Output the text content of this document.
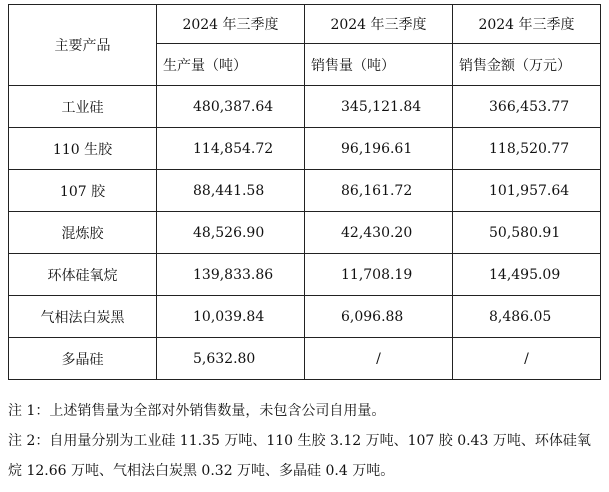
主要产品	2024 年三季度	2024 年三季度	2024 年三季度
	生产量（吨）	销售量（吨）	销售金额（万元）
工业硅	480,387.64	345,121.84	366,453.77
110 生胶	114,854.72	96,196.61	118,520.77
107 胶	88,441.58	86,161.72	101,957.64
混炼胶	48,526.90	42,430.20	50,580.91
环体硅氧烷	139,833.86	11,708.19	14,495.09
气相法白炭黑	10,039.84	6,096.88	8,486.05
多晶硅	5,632.80	/	/

注 1：上述销售量为全部对外销售数量，未包含公司自用量。

注 2：自用量分别为工业硅 11.35 万吨、110 生胶 3.12 万吨、107 胶 0.43 万吨、环体硅氧烷 12.66 万吨、气相法白炭黑 0.32 万吨、多晶硅 0.4 万吨。
